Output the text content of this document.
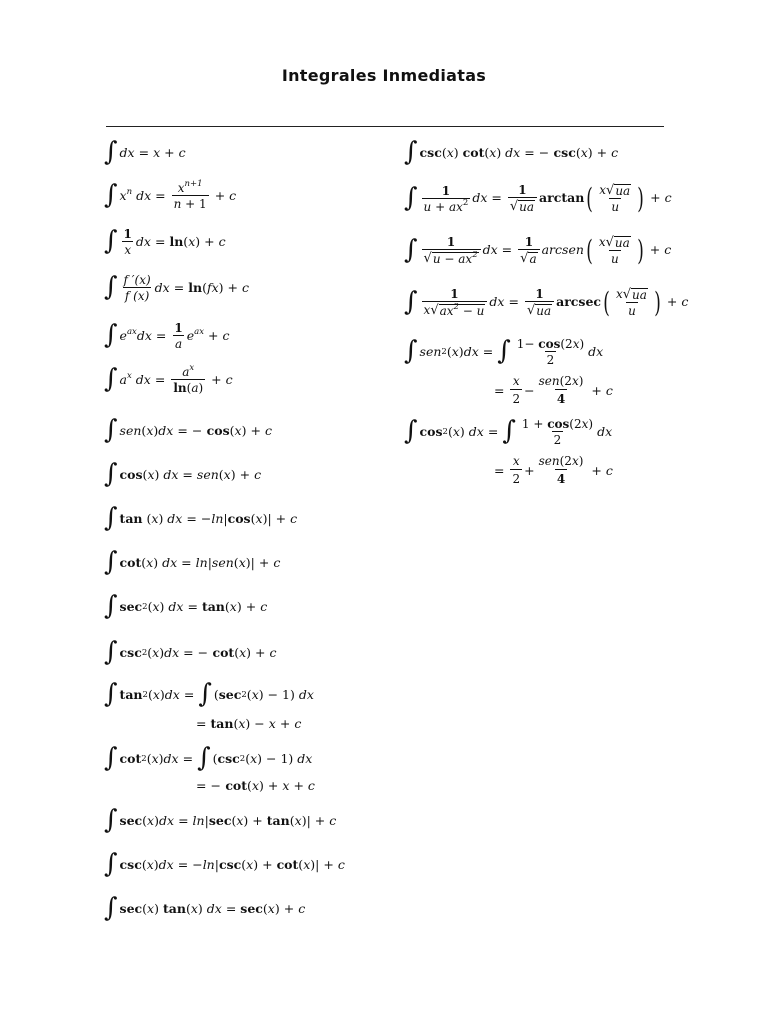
Integrales Inmediatas
∫ dx = x + c
∫ $x^n$
dx = $\frac{x^{n+1}}{n + 1} + c$
∫ $\frac{1}{x}$ dx = ln ( x ) + c
∫ $\frac{f '(x)}{f (x)}$ dx = ln ( fx ) + c
∫ $e^{ax}$ dx = $\frac{1}{a} e^{ax} + c$
∫ $a^x$
dx = $\frac{a^x}{\ln(a)} + c$
∫ sen ( x ) dx = − cos ( x ) + c
∫ cos ( x ) dx = sen ( x ) + c
∫ tan ( x ) dx = − ln | cos ( x )| + c
∫ cot ( x ) dx = ln | sen ( x )| + c
∫ sec 2 ( x ) dx = tan ( x ) + c
∫ csc 2 ( x ) dx = − cot ( x ) + c
∫ tan 2 ( x ) dx = ∫ ( sec 2 ( x ) − 1) dx
= tan ( x ) − x + c
∫ cot 2 ( x ) dx = ∫ ( csc 2 ( x ) − 1) dx
= − cot ( x ) + x + c
∫ sec ( x ) dx = ln | sec ( x ) + tan ( x )| + c
∫ csc ( x ) dx = − ln | csc ( x ) + cot ( x )| + c
∫ sec ( x ) tan ( x ) dx = sec ( x ) + c
∫ csc ( x ) cot ( x ) dx = − csc ( x ) + c
∫ $\frac{1}{u + ax^2}$ dx = $\frac{1}{√ ua}$ arctan ( $\frac{x √ ua}{u}$ ) + c
∫ $\frac{1}{√ u - ax^2}$ dx = $\frac{1}{√ a}$ arcsen ( $\frac{x √ ua}{u}$ ) + c
∫ $\frac{1}{x √ ax^2 - u}$ dx = $\frac{1}{√ ua}$ arcsec ( $\frac{x √ ua}{u}$ ) + c
∫ sen 2 ( x ) dx = ∫ $\frac{1- \cos(2x)}{2}$ dx
= $\frac{x}{2} - \frac{\text{sen(2x)}}{4} + c$
∫ cos 2 ( x ) dx = ∫ $\frac{1 + \cos(2x)}{2}$ dx
= $\frac{x}{2} + \frac{\text{sen(2x)}}{4} + c$
